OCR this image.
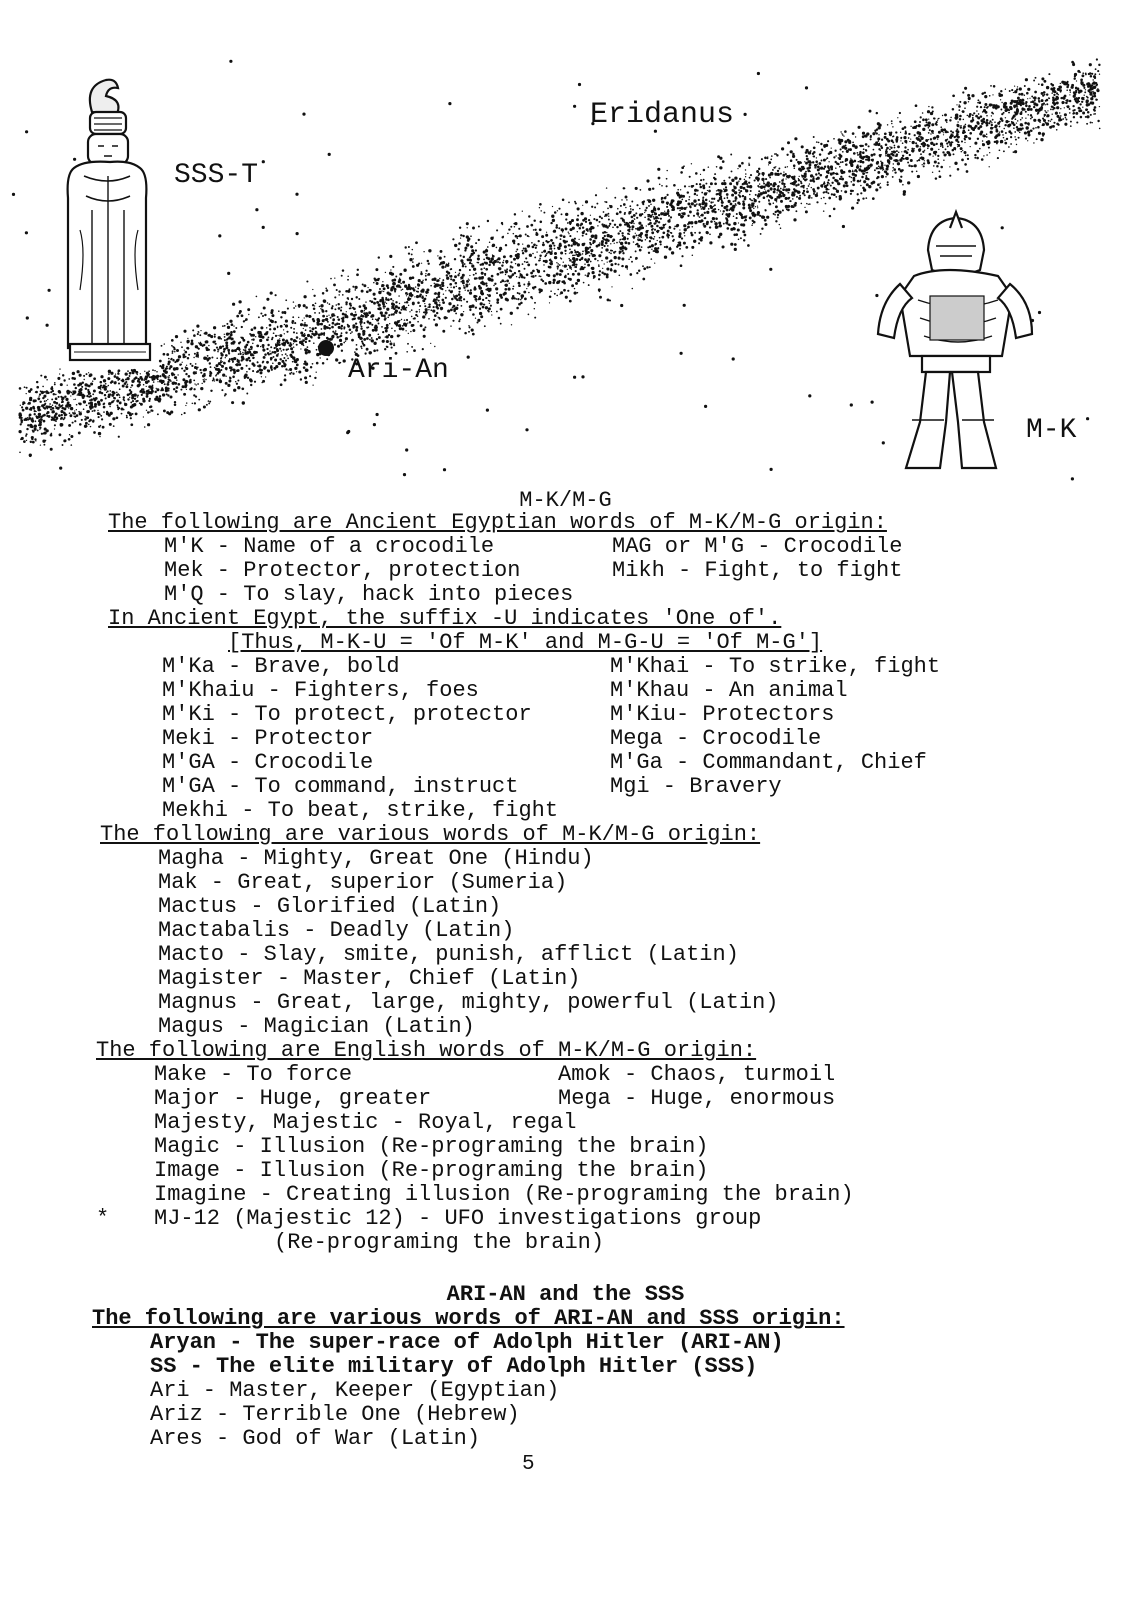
Eridanus
SSS-T
Ari-An
M-K
M-K/M-G
The following are Ancient Egyptian words of M-K/M-G origin:
M'K - Name of a crocodile	MAG or M'G - Crocodile
Mek - Protector, protection	Mikh - Fight, to fight
M'Q - To slay, hack into pieces
In Ancient Egypt, the suffix -U indicates 'One of'.
[Thus, M-K-U = 'Of M-K' and M-G-U = 'Of M-G']
M'Ka - Brave, bold	M'Khai - To strike, fight
M'Khaiu - Fighters, foes	M'Khau - An animal
M'Ki - To protect, protector	M'Kiu- Protectors
Meki - Protector	Mega - Crocodile
M'GA - Crocodile	M'Ga - Commandant, Chief
M'GA - To command, instruct	Mgi - Bravery
Mekhi - To beat, strike, fight
The following are various words of M-K/M-G origin:
Magha - Mighty, Great One (Hindu)
Mak - Great, superior (Sumeria)
Mactus - Glorified (Latin)
Mactabalis - Deadly (Latin)
Macto - Slay, smite, punish, afflict (Latin)
Magister - Master, Chief (Latin)
Magnus - Great, large, mighty, powerful (Latin)
Magus - Magician (Latin)
The following are English words of M-K/M-G origin:
Make - To force	Amok - Chaos, turmoil
Major - Huge, greater	Mega - Huge, enormous
Majesty, Majestic - Royal, regal
Magic - Illusion (Re-programing the brain)
Image - Illusion (Re-programing the brain)
Imagine - Creating illusion (Re-programing the brain)
* MJ-12 (Majestic 12) - UFO investigations group
(Re-programing the brain)
ARI-AN and the SSS
The following are various words of ARI-AN and SSS origin:
Aryan - The super-race of Adolph Hitler (ARI-AN)
SS - The elite military of Adolph Hitler (SSS)
Ari - Master, Keeper (Egyptian)
Ariz - Terrible One (Hebrew)
Ares - God of War (Latin)
5
